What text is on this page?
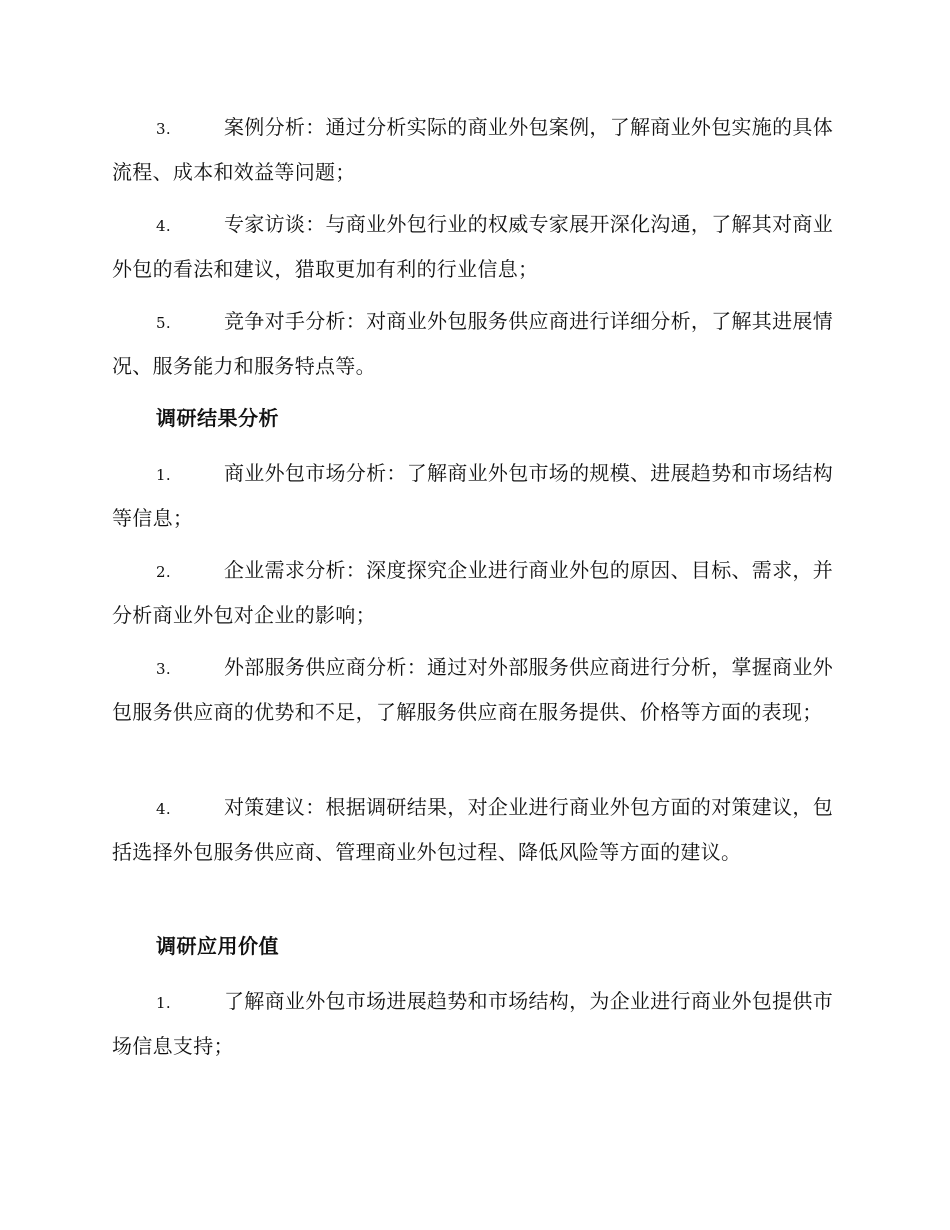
3.	案例分析：通过分析实际的商业外包案例，了解商业外包实施的具体流程、成本和效益等问题；
4.	专家访谈：与商业外包行业的权威专家展开深化沟通，了解其对商业外包的看法和建议，猎取更加有利的行业信息；
5.	竞争对手分析：对商业外包服务供应商进行详细分析，了解其进展情况、服务能力和服务特点等。
调研结果分析
1.	商业外包市场分析：了解商业外包市场的规模、进展趋势和市场结构等信息；
2.	企业需求分析：深度探究企业进行商业外包的原因、目标、需求，并分析商业外包对企业的影响；
3.	外部服务供应商分析：通过对外部服务供应商进行分析，掌握商业外包服务供应商的优势和不足，了解服务供应商在服务提供、价格等方面的表现；
4.	对策建议：根据调研结果，对企业进行商业外包方面的对策建议，包括选择外包服务供应商、管理商业外包过程、降低风险等方面的建议。
调研应用价值
1.	了解商业外包市场进展趋势和市场结构，为企业进行商业外包提供市场信息支持；
